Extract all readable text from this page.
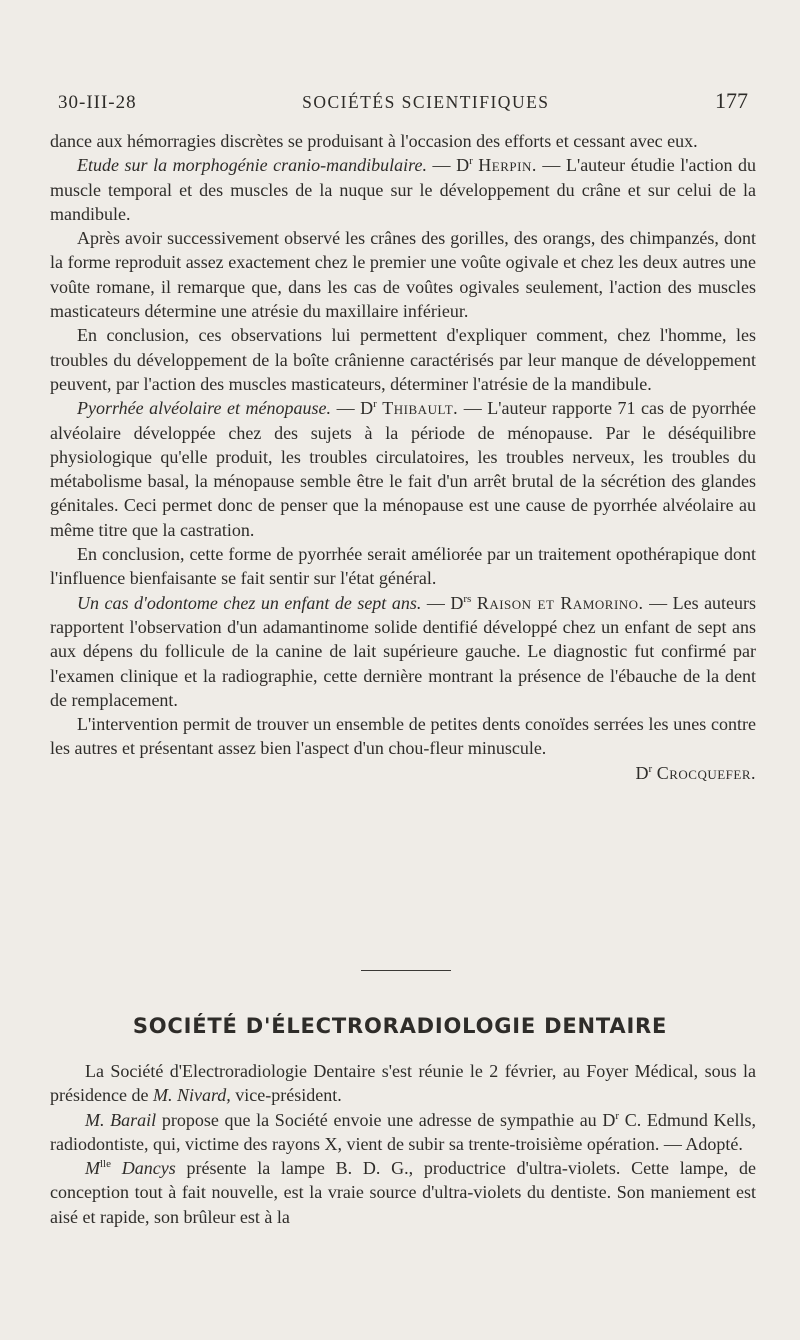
30-III-28	SOCIÉTÉS SCIENTIFIQUES	177

dance aux hémorragies discrètes se produisant à l'occasion des efforts et cessant avec eux.

Etude sur la morphogénie cranio-mandibulaire. — $D^r$ Herpin. — L'auteur étudie l'action du muscle temporal et des muscles de la nuque sur le développement du crâne et sur celui de la mandibule.

Après avoir successivement observé les crânes des gorilles, des orangs, des chimpanzés, dont la forme reproduit assez exactement chez le premier une voûte ogivale et chez les deux autres une voûte romane, il remarque que, dans les cas de voûtes ogivales seulement, l'action des muscles masticateurs détermine une atrésie du maxillaire inférieur.

En conclusion, ces observations lui permettent d'expliquer comment, chez l'homme, les troubles du développement de la boîte crânienne caractérisés par leur manque de développement peuvent, par l'action des muscles masticateurs, déterminer l'atrésie de la mandibule.

Pyorrhée alvéolaire et ménopause. — $D^r$ Thibault. — L'auteur rapporte 71 cas de pyorrhée alvéolaire développée chez des sujets à la période de ménopause. Par le déséquilibre physiologique qu'elle produit, les troubles circulatoires, les troubles nerveux, les troubles du métabolisme basal, la ménopause semble être le fait d'un arrêt brutal de la sécrétion des glandes génitales. Ceci permet donc de penser que la ménopause est une cause de pyorrhée alvéolaire au même titre que la castration.

En conclusion, cette forme de pyorrhée serait améliorée par un traitement opothérapique dont l'influence bienfaisante se fait sentir sur l'état général.

Un cas d'odontome chez un enfant de sept ans. — $D^{rs}$ Raison et Ramorino. — Les auteurs rapportent l'observation d'un adamantinome solide dentifié développé chez un enfant de sept ans aux dépens du follicule de la canine de lait supérieure gauche. Le diagnostic fut confirmé par l'examen clinique et la radiographie, cette dernière montrant la présence de l'ébauche de la dent de remplacement.

L'intervention permit de trouver un ensemble de petites dents conoïdes serrées les unes contre les autres et présentant assez bien l'aspect d'un chou-fleur minuscule.

$D^r$ Crocquefer.

SOCIÉTÉ D'ÉLECTRORADIOLOGIE DENTAIRE

La Société d'Electroradiologie Dentaire s'est réunie le 2 février, au Foyer Médical, sous la présidence de M. Nivard, vice-président.

M. Barail propose que la Société envoie une adresse de sympathie au $D^r$ C. Edmund Kells, radiodontiste, qui, victime des rayons X, vient de subir sa trente-troisième opération. — Adopté.

$M^{lle}$ Dancys présente la lampe B. D. G., productrice d'ultra-violets. Cette lampe, de conception tout à fait nouvelle, est la vraie source d'ultra-violets du dentiste. Son maniement est aisé et rapide, son brûleur est à la
